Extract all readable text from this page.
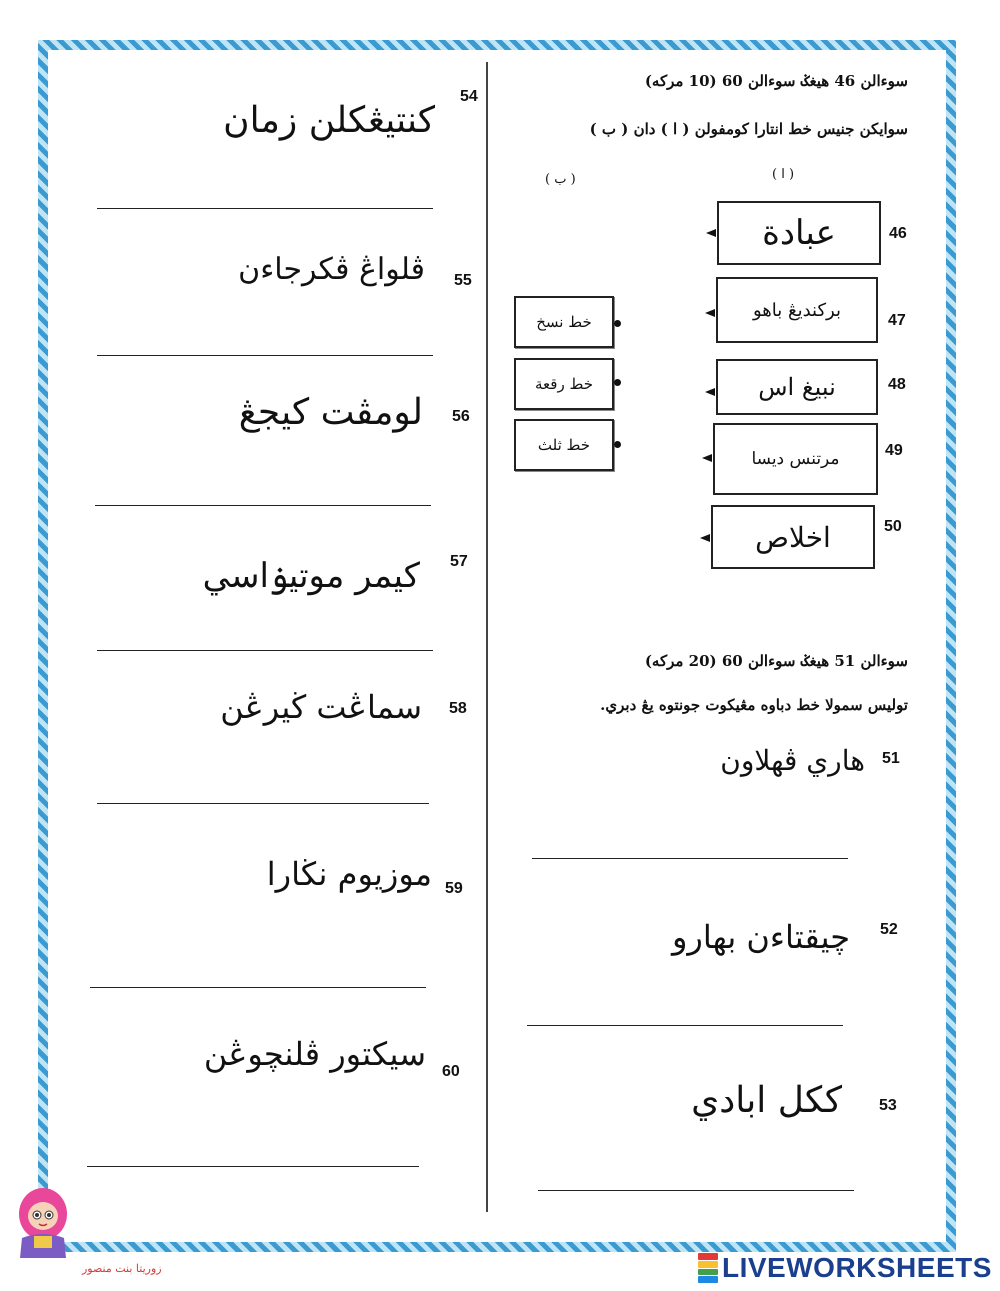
سوءالن 46 هيغݢ سوءالن 60 (10 مركه)
سوايكن جنيس خط انتارا كومفولن ( ا ) دان ( ب )
( ب )	( ا )
عبادة	46
بركنديڠ باهو	47
نبيغ اس	48
مرتنس ديسا	49
اخلاص	50
خط نسخ
خط رقعة
خط ثلث
سوءالن 51 هيغݢ سوءالن 60 (20 مركه)
توليس سمولا خط دباوه مڠيكوت جونتوه يڠ دبري.
هاري ڤهلاون 51
چيقتاءن بهارو 52
ككل ابادي 53
كنتيڠكلن زمان
54
ڤلواڠ ڤكرجاءن 55
لومڤت كيجڠ 56
كيمر موتيۏاسي 57
سماڠت ڬيرڠن 58
موزيوم نڬارا 59
سيكتور ڤلنچوڠن 60
زوريتا بنت منصور	LIVEWORKSHEETS
